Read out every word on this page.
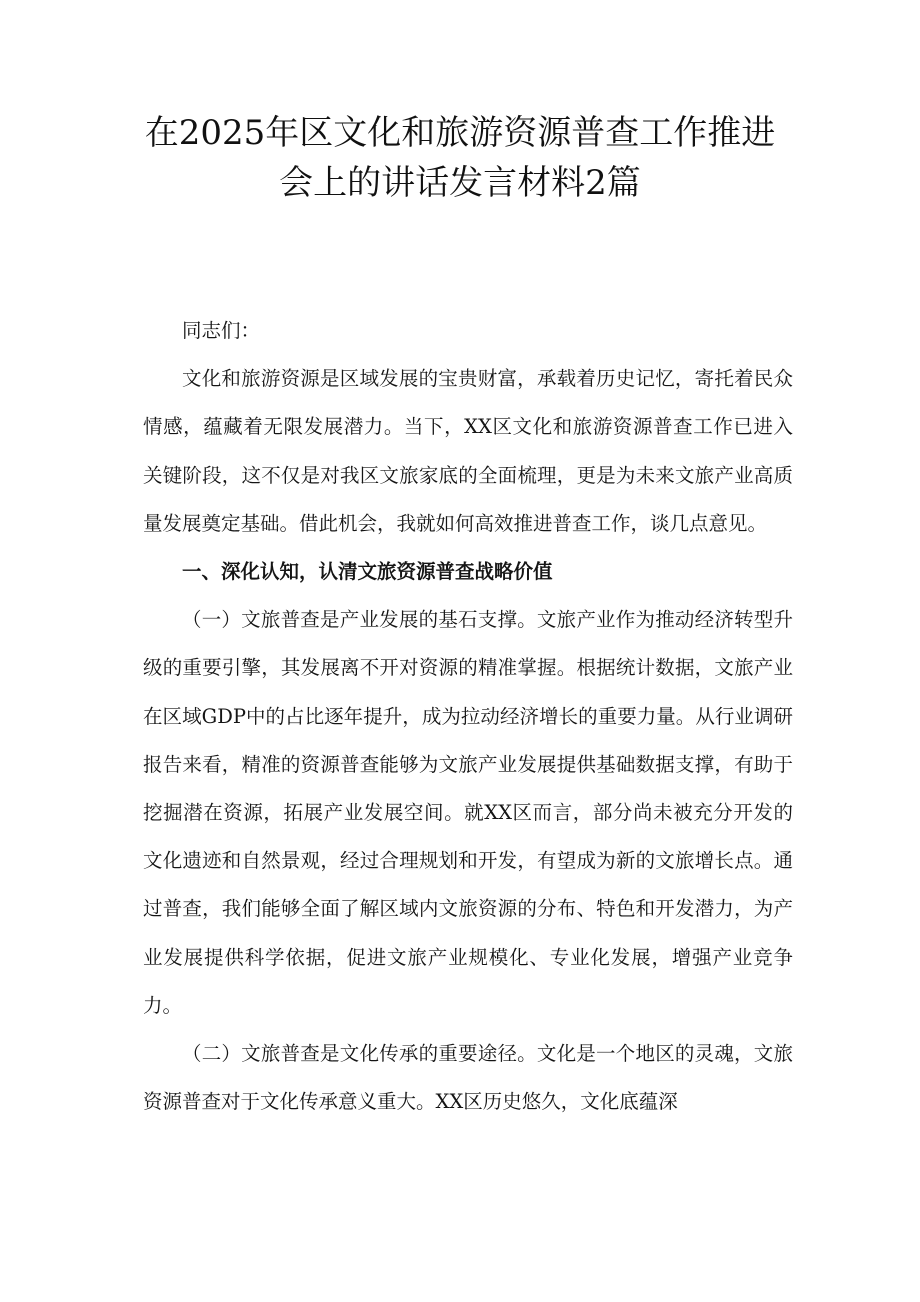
在2025年区文化和旅游资源普查工作推进
会上的讲话发言材料2篇

同志们：

文化和旅游资源是区域发展的宝贵财富，承载着历史记忆，寄托着民众情感，蕴藏着无限发展潜力。当下，XX区文化和旅游资源普查工作已进入关键阶段，这不仅是对我区文旅家底的全面梳理，更是为未来文旅产业高质量发展奠定基础。借此机会，我就如何高效推进普查工作，谈几点意见。

一、深化认知，认清文旅资源普查战略价值

（一）文旅普查是产业发展的基石支撑。文旅产业作为推动经济转型升级的重要引擎，其发展离不开对资源的精准掌握。根据统计数据，文旅产业在区域GDP中的占比逐年提升，成为拉动经济增长的重要力量。从行业调研报告来看，精准的资源普查能够为文旅产业发展提供基础数据支撑，有助于挖掘潜在资源，拓展产业发展空间。就XX区而言，部分尚未被充分开发的文化遗迹和自然景观，经过合理规划和开发，有望成为新的文旅增长点。通过普查，我们能够全面了解区域内文旅资源的分布、特色和开发潜力，为产业发展提供科学依据，促进文旅产业规模化、专业化发展，增强产业竞争力。

（二）文旅普查是文化传承的重要途径。文化是一个地区的灵魂，文旅资源普查对于文化传承意义重大。XX区历史悠久，文化底蕴深
